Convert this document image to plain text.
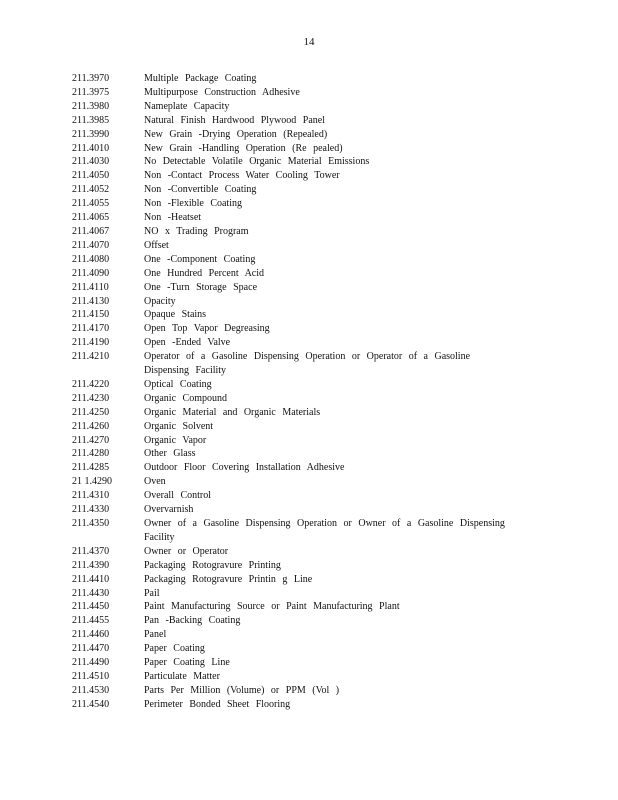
14
211.3970	Multiple Package Coating
211.3975	Multipurpose Construction Adhesive
211.3980	Nameplate Capacity
211.3985	Natural Finish Hardwood Plywood Panel
211.3990	New Grain -Drying Operation (Repealed)
211.4010	New Grain -Handling Operation (Re pealed)
211.4030	No Detectable Volatile Organic Material Emissions
211.4050	Non -Contact Process Water Cooling Tower
211.4052	Non -Convertible Coating
211.4055	Non -Flexible Coating
211.4065	Non -Heatset
211.4067	NO x Trading Program
211.4070	Offset
211.4080	One -Component Coating
211.4090	One Hundred Percent Acid
211.4110	One -Turn Storage Space
211.4130	Opacity
211.4150	Opaque Stains
211.4170	Open Top Vapor Degreasing
211.4190	Open -Ended Valve
211.4210	Operator of a Gasoline Dispensing Operation or Operator of a Gasoline
Dispensing Facility
211.4220	Optical Coating
211.4230	Organic Compound
211.4250	Organic Material and Organic Materials
211.4260	Organic Solvent
211.4270	Organic Vapor
211.4280	Other Glass
211.4285	Outdoor Floor Covering Installation Adhesive
21 1.4290	Oven
211.4310	Overall Control
211.4330	Overvarnish
211.4350	Owner of a Gasoline Dispensing Operation or Owner of a Gasoline Dispensing
Facility
211.4370	Owner or Operator
211.4390	Packaging Rotogravure Printing
211.4410	Packaging Rotogravure Printin g Line
211.4430	Pail
211.4450	Paint Manufacturing Source or Paint Manufacturing Plant
211.4455	Pan -Backing Coating
211.4460	Panel
211.4470	Paper Coating
211.4490	Paper Coating Line
211.4510	Particulate Matter
211.4530	Parts Per Million (Volume) or PPM (Vol )
211.4540	Perimeter Bonded Sheet Flooring
